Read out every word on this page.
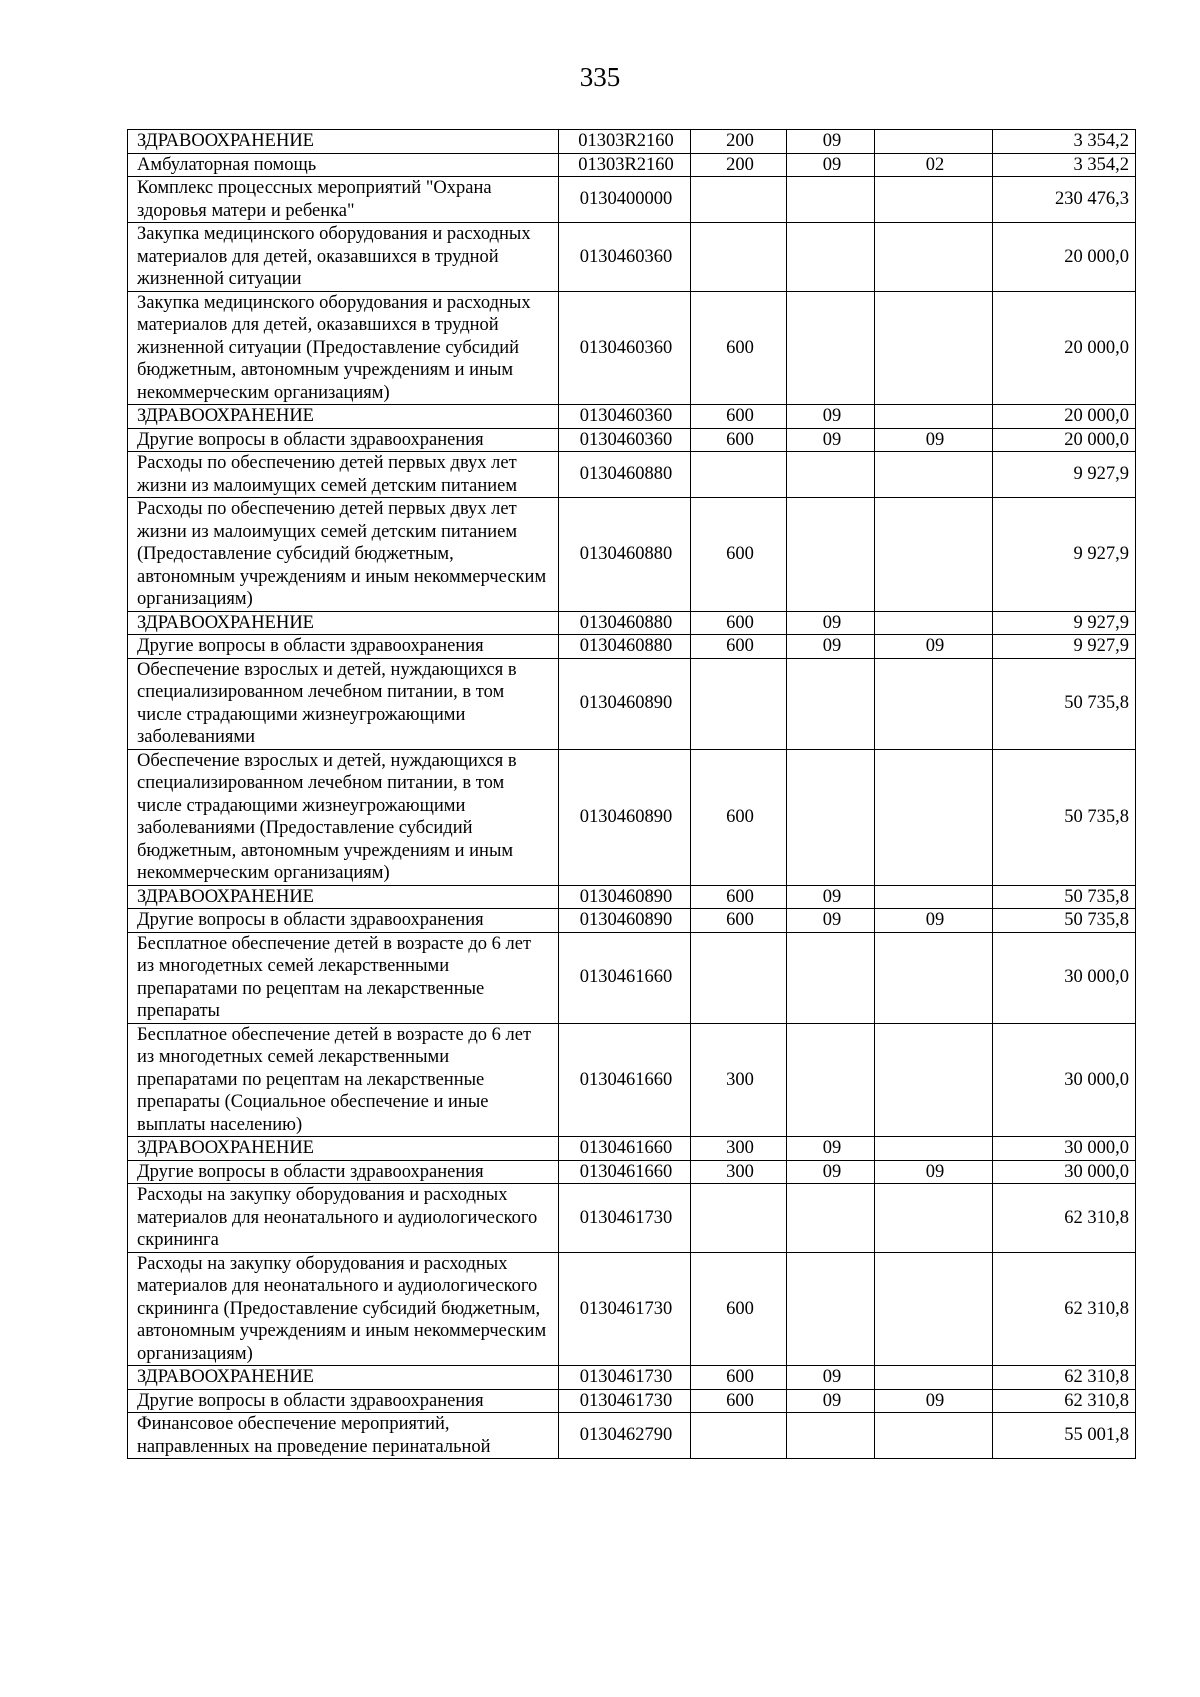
335
ЗДРАВООХРАНЕНИЕ	01303R2160	200	09		3 354,2
Амбулаторная помощь	01303R2160	200	09	02	3 354,2
Комплекс процессных мероприятий "Охрана здоровья матери и ребенка"	0130400000				230 476,3
Закупка медицинского оборудования и расходных материалов для детей, оказавшихся в трудной жизненной ситуации	0130460360				20 000,0
Закупка медицинского оборудования и расходных материалов для детей, оказавшихся в трудной жизненной ситуации (Предоставление субсидий бюджетным, автономным учреждениям и иным некоммерческим организациям)	0130460360	600			20 000,0
ЗДРАВООХРАНЕНИЕ	0130460360	600	09		20 000,0
Другие вопросы в области здравоохранения	0130460360	600	09	09	20 000,0
Расходы по обеспечению детей первых двух лет жизни из малоимущих семей детским питанием	0130460880				9 927,9
Расходы по обеспечению детей первых двух лет жизни из малоимущих семей детским питанием (Предоставление субсидий бюджетным, автономным учреждениям и иным некоммерческим организациям)	0130460880	600			9 927,9
ЗДРАВООХРАНЕНИЕ	0130460880	600	09		9 927,9
Другие вопросы в области здравоохранения	0130460880	600	09	09	9 927,9
Обеспечение взрослых и детей, нуждающихся в специализированном лечебном питании, в том числе страдающими жизнеугрожающими заболеваниями	0130460890				50 735,8
Обеспечение взрослых и детей, нуждающихся в специализированном лечебном питании, в том числе страдающими жизнеугрожающими заболеваниями (Предоставление субсидий бюджетным, автономным учреждениям и иным некоммерческим организациям)	0130460890	600			50 735,8
ЗДРАВООХРАНЕНИЕ	0130460890	600	09		50 735,8
Другие вопросы в области здравоохранения	0130460890	600	09	09	50 735,8
Бесплатное обеспечение детей в возрасте до 6 лет из многодетных семей лекарственными препаратами по рецептам на лекарственные препараты	0130461660				30 000,0
Бесплатное обеспечение детей в возрасте до 6 лет из многодетных семей лекарственными препаратами по рецептам на лекарственные препараты (Социальное обеспечение и иные выплаты населению)	0130461660	300			30 000,0
ЗДРАВООХРАНЕНИЕ	0130461660	300	09		30 000,0
Другие вопросы в области здравоохранения	0130461660	300	09	09	30 000,0
Расходы на закупку оборудования и расходных материалов для неонатального и аудиологического скрининга	0130461730				62 310,8
Расходы на закупку оборудования и расходных материалов для неонатального и аудиологического скрининга (Предоставление субсидий бюджетным, автономным учреждениям и иным некоммерческим организациям)	0130461730	600			62 310,8
ЗДРАВООХРАНЕНИЕ	0130461730	600	09		62 310,8
Другие вопросы в области здравоохранения	0130461730	600	09	09	62 310,8
Финансовое обеспечение мероприятий, направленных на проведение перинатальной	0130462790				55 001,8
